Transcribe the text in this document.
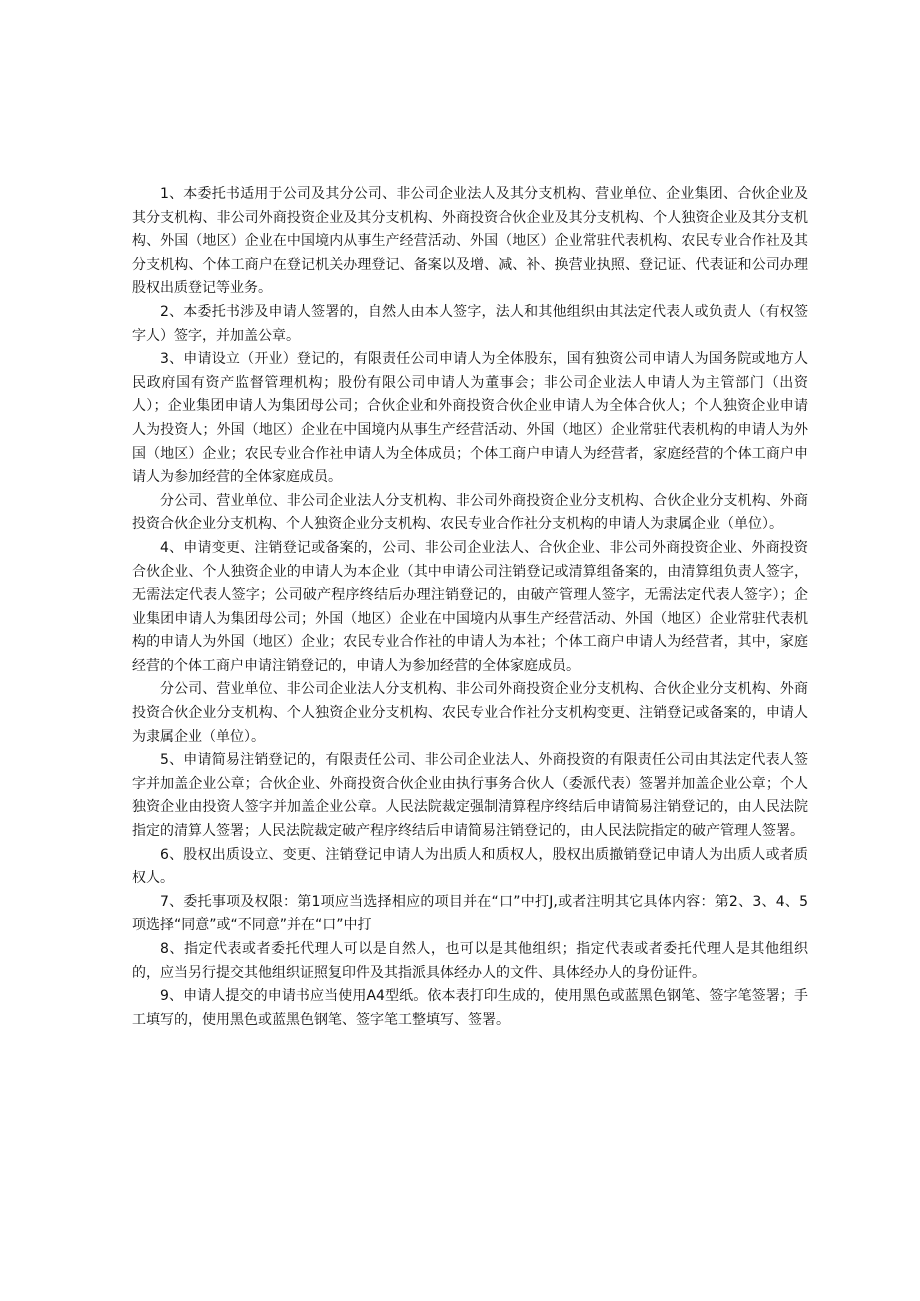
1、本委托书适用于公司及其分公司、非公司企业法人及其分支机构、营业单位、企业集团、合伙企业及其分支机构、非公司外商投资企业及其分支机构、外商投资合伙企业及其分支机构、个人独资企业及其分支机构、外国（地区）企业在中国境内从事生产经营活动、外国（地区）企业常驻代表机构、农民专业合作社及其分支机构、个体工商户在登记机关办理登记、备案以及增、减、补、换营业执照、登记证、代表证和公司办理股权出质登记等业务。

2、本委托书涉及申请人签署的，自然人由本人签字，法人和其他组织由其法定代表人或负责人（有权签字人）签字，并加盖公章。

3、申请设立（开业）登记的，有限责任公司申请人为全体股东，国有独资公司申请人为国务院或地方人民政府国有资产监督管理机构；股份有限公司申请人为董事会；非公司企业法人申请人为主管部门（出资人）；企业集团申请人为集团母公司；合伙企业和外商投资合伙企业申请人为全体合伙人；个人独资企业申请人为投资人；外国（地区）企业在中国境内从事生产经营活动、外国（地区）企业常驻代表机构的申请人为外国（地区）企业；农民专业合作社申请人为全体成员；个体工商户申请人为经营者，家庭经营的个体工商户申请人为参加经营的全体家庭成员。

分公司、营业单位、非公司企业法人分支机构、非公司外商投资企业分支机构、合伙企业分支机构、外商投资合伙企业分支机构、个人独资企业分支机构、农民专业合作社分支机构的申请人为隶属企业（单位）。

4、申请变更、注销登记或备案的，公司、非公司企业法人、合伙企业、非公司外商投资企业、外商投资合伙企业、个人独资企业的申请人为本企业（其中申请公司注销登记或清算组备案的，由清算组负责人签字，无需法定代表人签字；公司破产程序终结后办理注销登记的，由破产管理人签字，无需法定代表人签字）；企业集团申请人为集团母公司；外国（地区）企业在中国境内从事生产经营活动、外国（地区）企业常驻代表机构的申请人为外国（地区）企业；农民专业合作社的申请人为本社；个体工商户申请人为经营者，其中，家庭经营的个体工商户申请注销登记的，申请人为参加经营的全体家庭成员。

分公司、营业单位、非公司企业法人分支机构、非公司外商投资企业分支机构、合伙企业分支机构、外商投资合伙企业分支机构、个人独资企业分支机构、农民专业合作社分支机构变更、注销登记或备案的，申请人为隶属企业（单位）。

5、申请简易注销登记的，有限责任公司、非公司企业法人、外商投资的有限责任公司由其法定代表人签字并加盖企业公章；合伙企业、外商投资合伙企业由执行事务合伙人（委派代表）签署并加盖企业公章；个人独资企业由投资人签字并加盖企业公章。人民法院裁定强制清算程序终结后申请简易注销登记的，由人民法院指定的清算人签署；人民法院裁定破产程序终结后申请简易注销登记的，由人民法院指定的破产管理人签署。

6、股权出质设立、变更、注销登记申请人为出质人和质权人，股权出质撤销登记申请人为出质人或者质权人。

7、委托事项及权限：第1项应当选择相应的项目并在“口”中打J,或者注明其它具体内容：第2、3、4、5项选择“同意”或“不同意”并在“口”中打

8、指定代表或者委托代理人可以是自然人，也可以是其他组织；指定代表或者委托代理人是其他组织的，应当另行提交其他组织证照复印件及其指派具体经办人的文件、具体经办人的身份证件。

9、申请人提交的申请书应当使用A4型纸。依本表打印生成的，使用黑色或蓝黑色钢笔、签字笔签署；手工填写的，使用黑色或蓝黑色钢笔、签字笔工整填写、签署。
